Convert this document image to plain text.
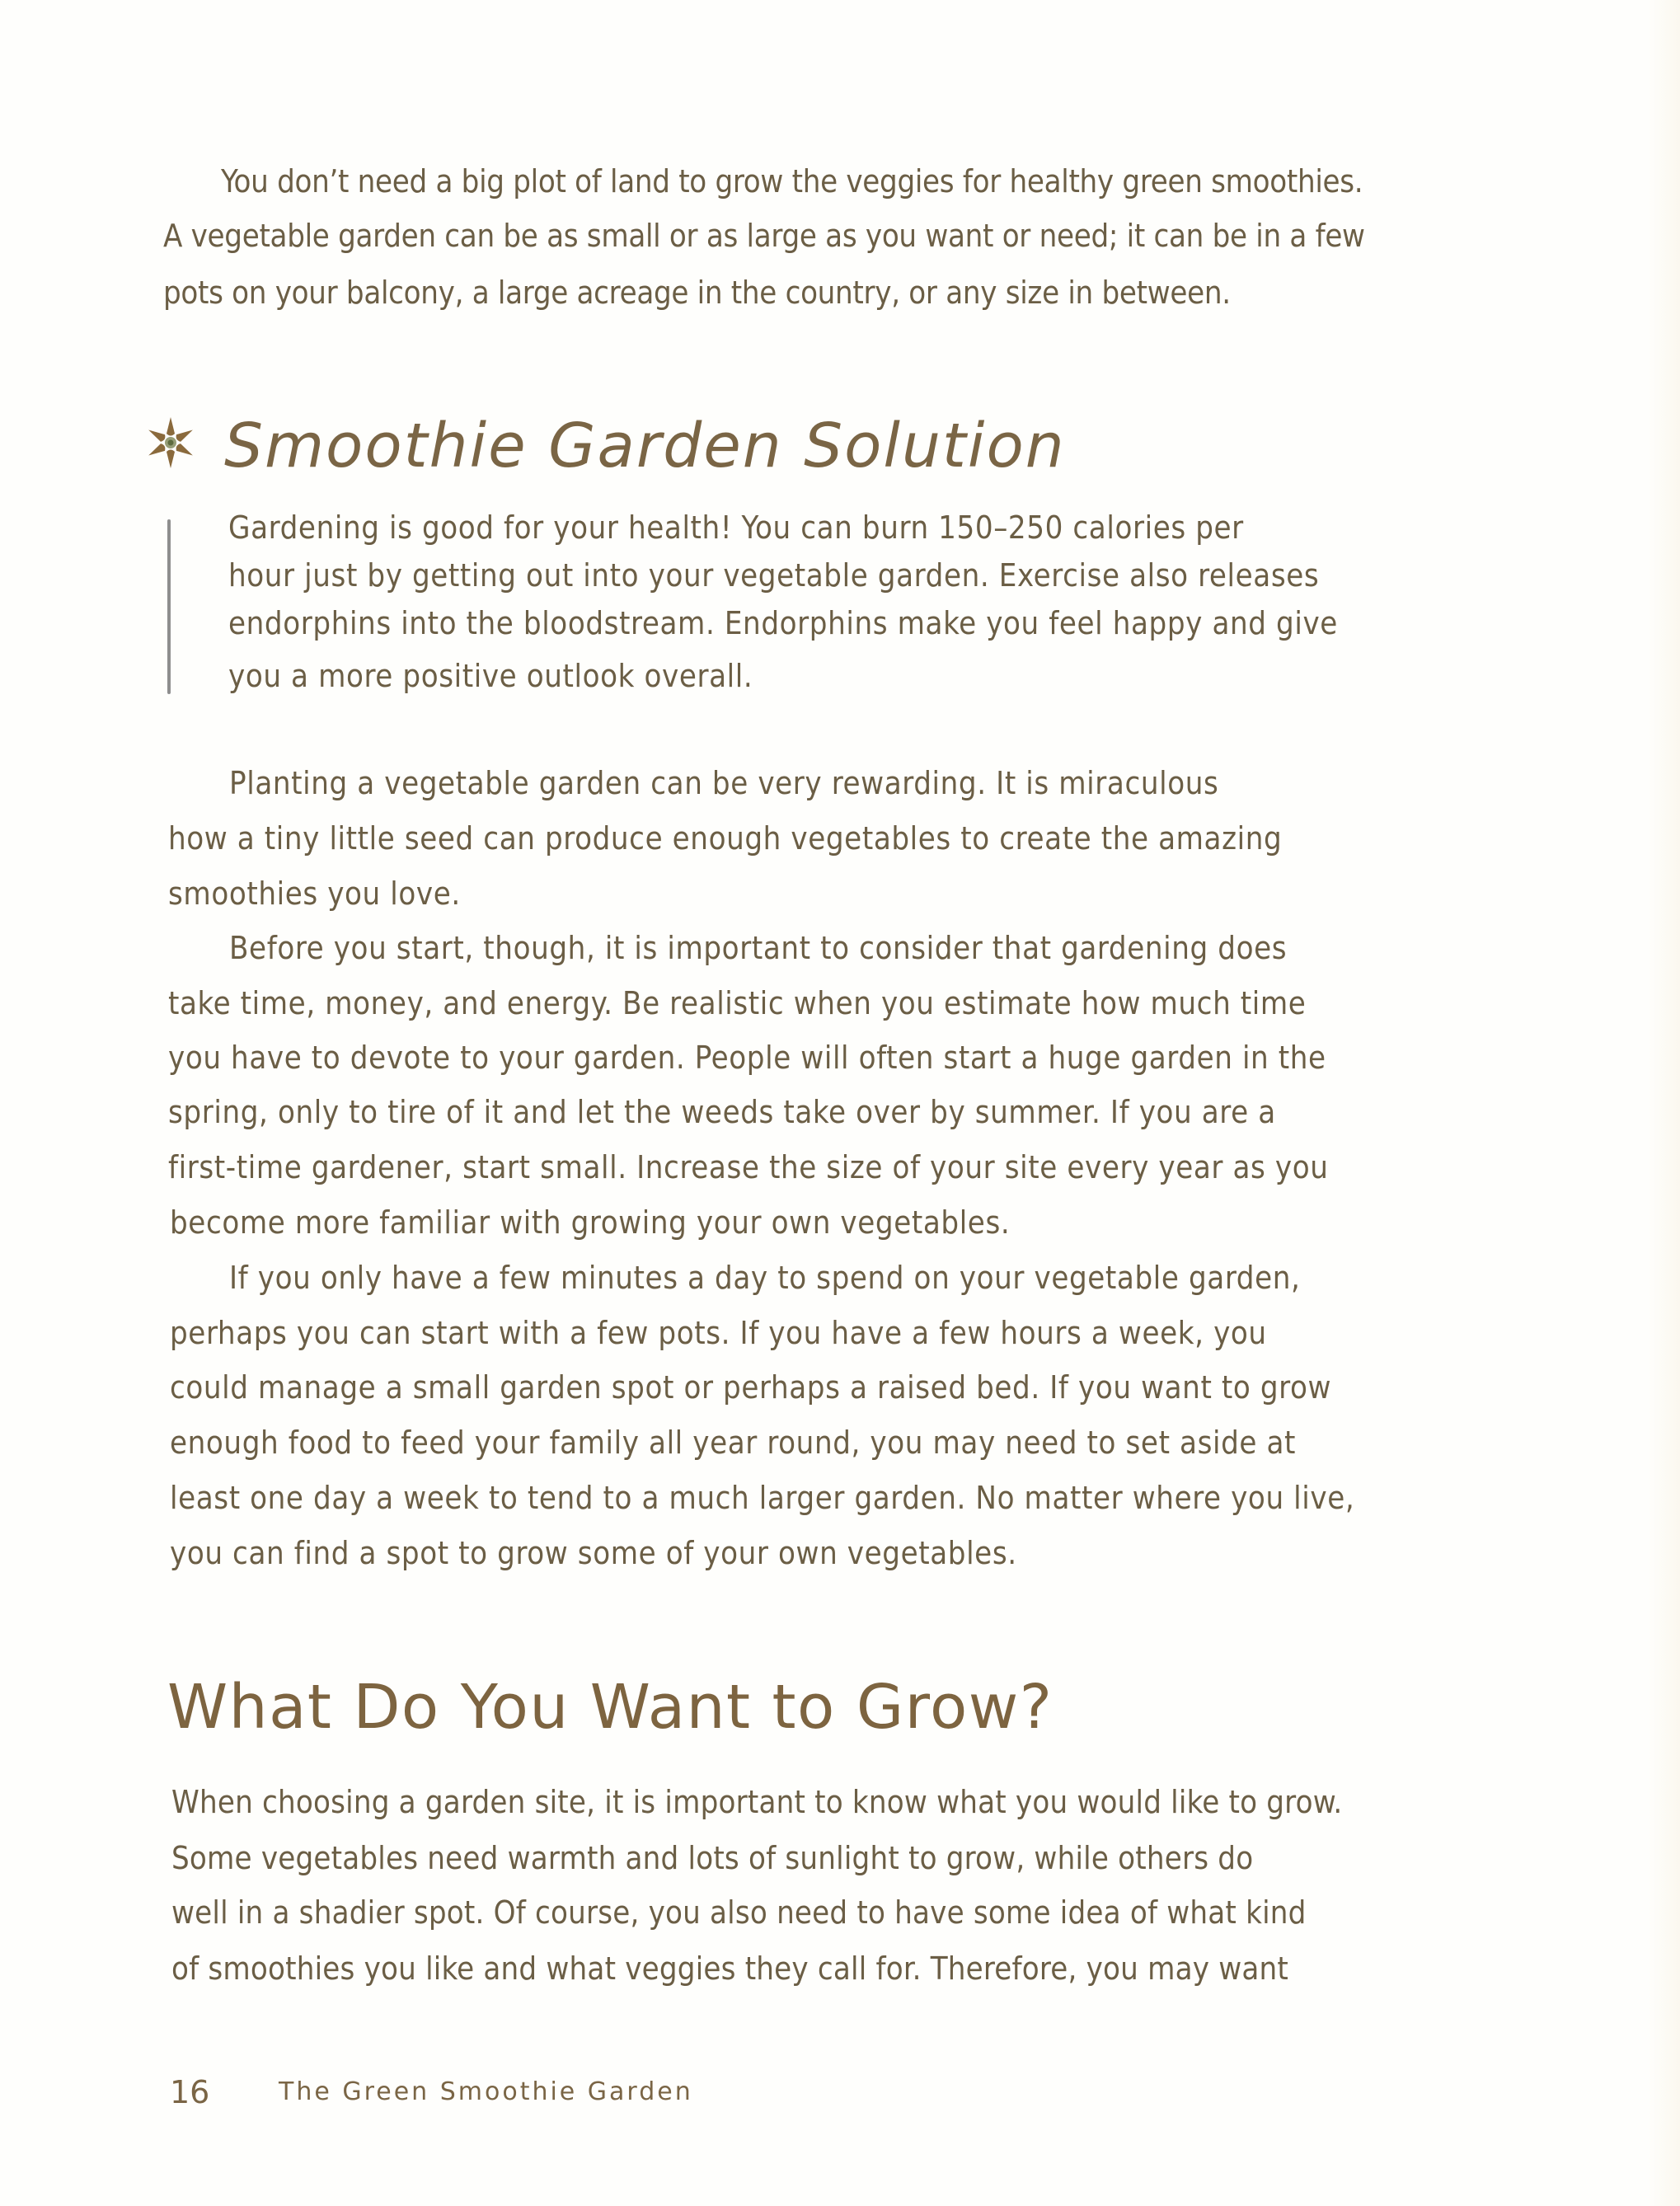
You don’t need a big plot of land to grow the veggies for healthy green smoothies.
A vegetable garden can be as small or as large as you want or need; it can be in a few
pots on your balcony, a large acreage in the country, or any size in between.
Smoothie Garden Solution
Gardening is good for your health! You can burn 150–250 calories per
hour just by getting out into your vegetable garden. Exercise also releases
endorphins into the bloodstream. Endorphins make you feel happy and give
you a more positive outlook overall.
Planting a vegetable garden can be very rewarding. It is miraculous
how a tiny little seed can produce enough vegetables to create the amazing
smoothies you love.
Before you start, though, it is important to consider that gardening does
take time, money, and energy. Be realistic when you estimate how much time
you have to devote to your garden. People will often start a huge garden in the
spring, only to tire of it and let the weeds take over by summer. If you are a
first-time gardener, start small. Increase the size of your site every year as you
become more familiar with growing your own vegetables.
If you only have a few minutes a day to spend on your vegetable garden,
perhaps you can start with a few pots. If you have a few hours a week, you
could manage a small garden spot or perhaps a raised bed. If you want to grow
enough food to feed your family all year round, you may need to set aside at
least one day a week to tend to a much larger garden. No matter where you live,
you can find a spot to grow some of your own vegetables.
What Do You Want to Grow?
When choosing a garden site, it is important to know what you would like to grow.
Some vegetables need warmth and lots of sunlight to grow, while others do
well in a shadier spot. Of course, you also need to have some idea of what kind
of smoothies you like and what veggies they call for. Therefore, you may want
16	The Green Smoothie Garden
